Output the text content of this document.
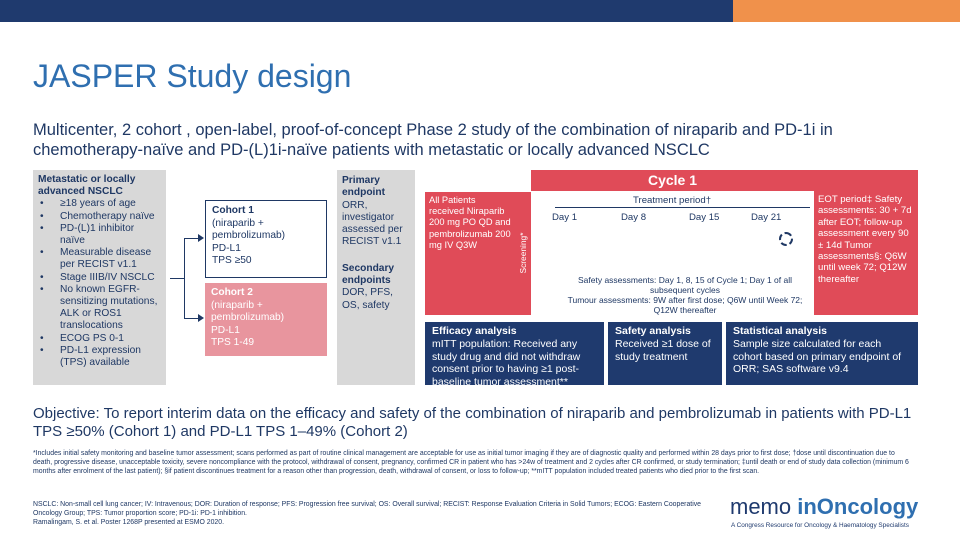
JASPER Study design
Multicenter, 2 cohort , open-label, proof-of-concept Phase 2 study of the combination of niraparib and PD-1i in chemotherapy-naïve and PD-(L)1i-naïve patients with metastatic or locally advanced NSCLC
Metastatic or locally advanced NSCLC
• ≥18 years of age
• Chemotherapy naïve
• PD-(L)1 inhibitor naïve
• Measurable disease per RECIST v1.1
• Stage IIIB/IV NSCLC
• No known EGFR-sensitizing mutations, ALK or ROS1 translocations
• ECOG PS 0-1
• PD-L1 expression (TPS) available
Cohort 1
(niraparib +
pembrolizumab)
PD-L1
TPS ≥50
Cohort 2
(niraparib +
pembrolizumab)
PD-L1
TPS 1-49
Primary endpoint
ORR, investigator assessed per RECIST v1.1
Secondary endpoints
DOR, PFS, OS, safety
All Patients received Niraparib 200 mg PO QD and pembrolizumab 200 mg IV Q3W	Screening*
Cycle 1
Treatment period†
Day 1	Day 8	Day 15	Day 21
Safety assessments: Day 1, 8, 15 of Cycle 1; Day 1 of all subsequent cycles
Tumour assessments: 9W after first dose; Q6W until Week 72; Q12W thereafter
EOT period‡ Safety assessments: 30 + 7d after EOT; follow-up assessment every 90 ± 14d Tumor assessments§: Q6W until week 72; Q12W thereafter
Efficacy analysis
mITT population: Received any study drug and did not withdraw consent prior to having ≥1 post-baseline tumor assessment**
Safety analysis
Received ≥1 dose of study treatment
Statistical analysis
Sample size calculated for each cohort based on primary endpoint of ORR; SAS software v9.4
Objective: To report interim data on the efficacy and safety of the combination of niraparib and pembrolizumab in patients with PD-L1 TPS ≥50% (Cohort 1) and PD-L1 TPS 1–49% (Cohort 2)
*Includes initial safety monitoring and baseline tumor assessment; scans performed as part of routine clinical management are acceptable for use as initial tumor imaging if they are of diagnostic quality and performed within 28 days prior to first dose; †dose until discontinuation due to death, progressive disease, unacceptable toxicity, severe noncompliance with the protocol, withdrawal of consent, pregnancy, confirmed CR in patient who has >24w of treatment and 2 cycles after CR confirmed, or study termination; ‡until death or end of study data collection (minimum 6 months after enrolment of the last patient); §if patient discontinues treatment for a reason other than progression, death, withdrawal of consent, or loss to follow-up; **mITT population included treated patients who died prior to the first scan.
NSCLC: Non-small cell lung cancer; IV: Intravenous; DOR: Duration of response; PFS: Progression free survival; OS: Overall survival; RECIST: Response Evaluation Criteria in Solid Tumors; ECOG: Eastern Cooperative Oncology Group; TPS: Tumor proportion score; PD-1i: PD-1 inhibition.
Ramalingam, S. et al. Poster 1268P presented at ESMO 2020.
memo inOncology
A Congress Resource for Oncology & Haematology Specialists
